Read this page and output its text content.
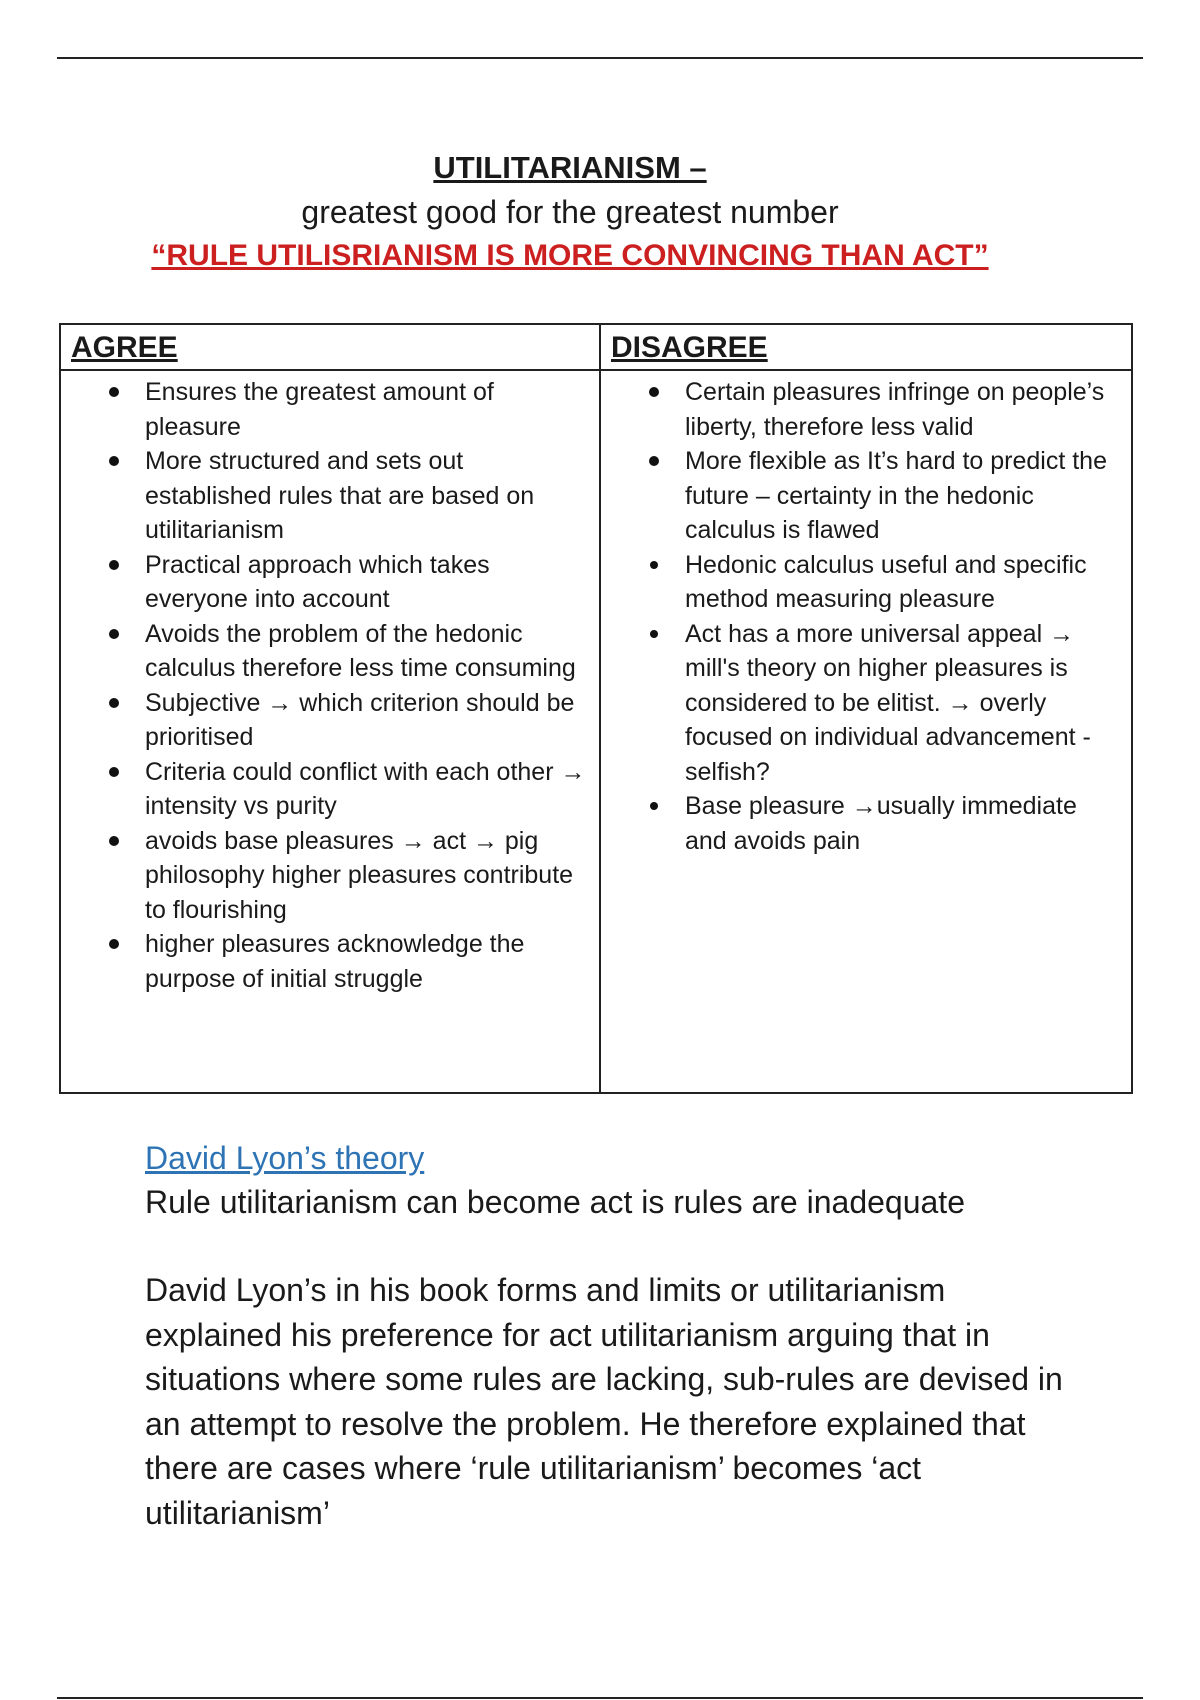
UTILITARIANISM –
greatest good for the greatest number
“RULE UTILISRIANISM IS MORE CONVINCING THAN ACT”
AGREE	DISAGREE
Ensures the greatest amount of pleasure
More structured and sets out established rules that are based on utilitarianism
Practical approach which takes everyone into account
Avoids the problem of the hedonic calculus therefore less time consuming
Subjective → which criterion should be prioritised
Criteria could conflict with each other → intensity vs purity
avoids base pleasures → act → pig philosophy higher pleasures contribute to flourishing
higher pleasures acknowledge the purpose of initial struggle
Certain pleasures infringe on people’s liberty, therefore less valid
More flexible as It’s hard to predict the future – certainty in the hedonic calculus is flawed
Hedonic calculus useful and specific method measuring pleasure
Act has a more universal appeal → mill's theory on higher pleasures is considered to be elitist. → overly focused on individual advancement - selfish?
Base pleasure →usually immediate and avoids pain
David Lyon’s theory
Rule utilitarianism can become act is rules are inadequate
David Lyon’s in his book forms and limits or utilitarianism explained his preference for act utilitarianism arguing that in situations where some rules are lacking, sub-rules are devised in an attempt to resolve the problem. He therefore explained that there are cases where ‘rule utilitarianism’ becomes ‘act utilitarianism’
